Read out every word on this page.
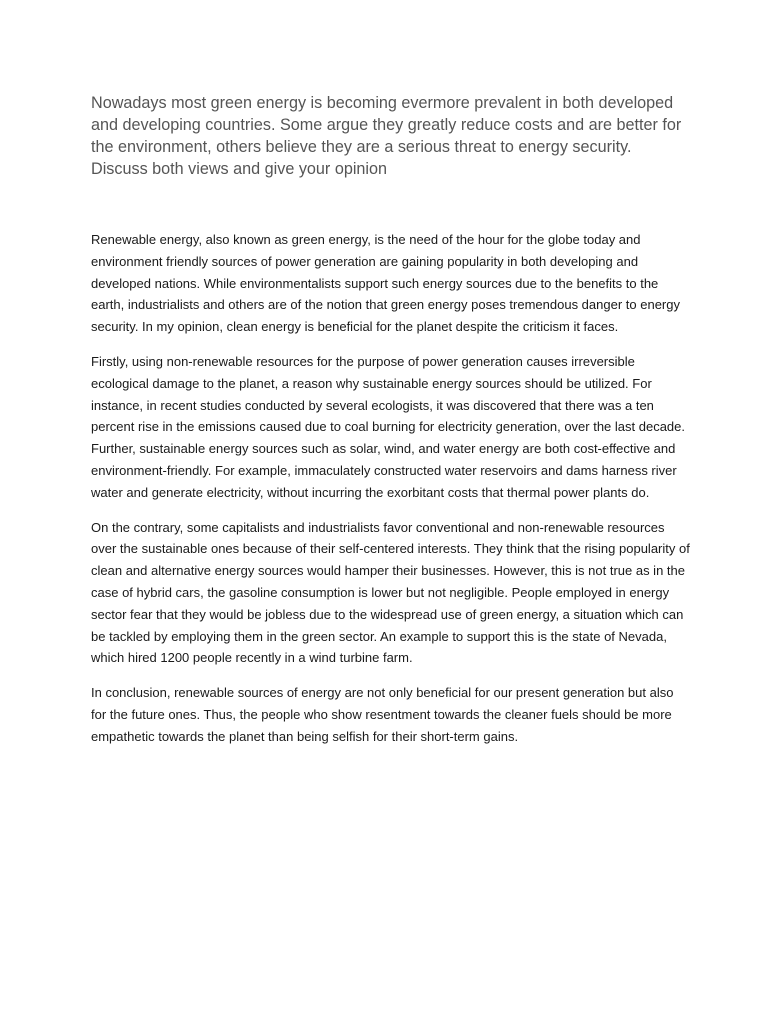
Nowadays most green energy is becoming evermore prevalent in both developed and developing countries. Some argue they greatly reduce costs and are better for the environment, others believe they are a serious threat to energy security. Discuss both views and give your opinion

Renewable energy, also known as green energy, is the need of the hour for the globe today and environment friendly sources of power generation are gaining popularity in both developing and developed nations. While environmentalists support such energy sources due to the benefits to the earth, industrialists and others are of the notion that green energy poses tremendous danger to energy security. In my opinion, clean energy is beneficial for the planet despite the criticism it faces.

Firstly, using non-renewable resources for the purpose of power generation causes irreversible ecological damage to the planet, a reason why sustainable energy sources should be utilized. For instance, in recent studies conducted by several ecologists, it was discovered that there was a ten percent rise in the emissions caused due to coal burning for electricity generation, over the last decade. Further, sustainable energy sources such as solar, wind, and water energy are both cost-effective and environment-friendly. For example, immaculately constructed water reservoirs and dams harness river water and generate electricity, without incurring the exorbitant costs that thermal power plants do.

On the contrary, some capitalists and industrialists favor conventional and non-renewable resources over the sustainable ones because of their self-centered interests. They think that the rising popularity of clean and alternative energy sources would hamper their businesses. However, this is not true as in the case of hybrid cars, the gasoline consumption is lower but not negligible. People employed in energy sector fear that they would be jobless due to the widespread use of green energy, a situation which can be tackled by employing them in the green sector. An example to support this is the state of Nevada, which hired 1200 people recently in a wind turbine farm.

In conclusion, renewable sources of energy are not only beneficial for our present generation but also for the future ones. Thus, the people who show resentment towards the cleaner fuels should be more empathetic towards the planet than being selfish for their short-term gains.
